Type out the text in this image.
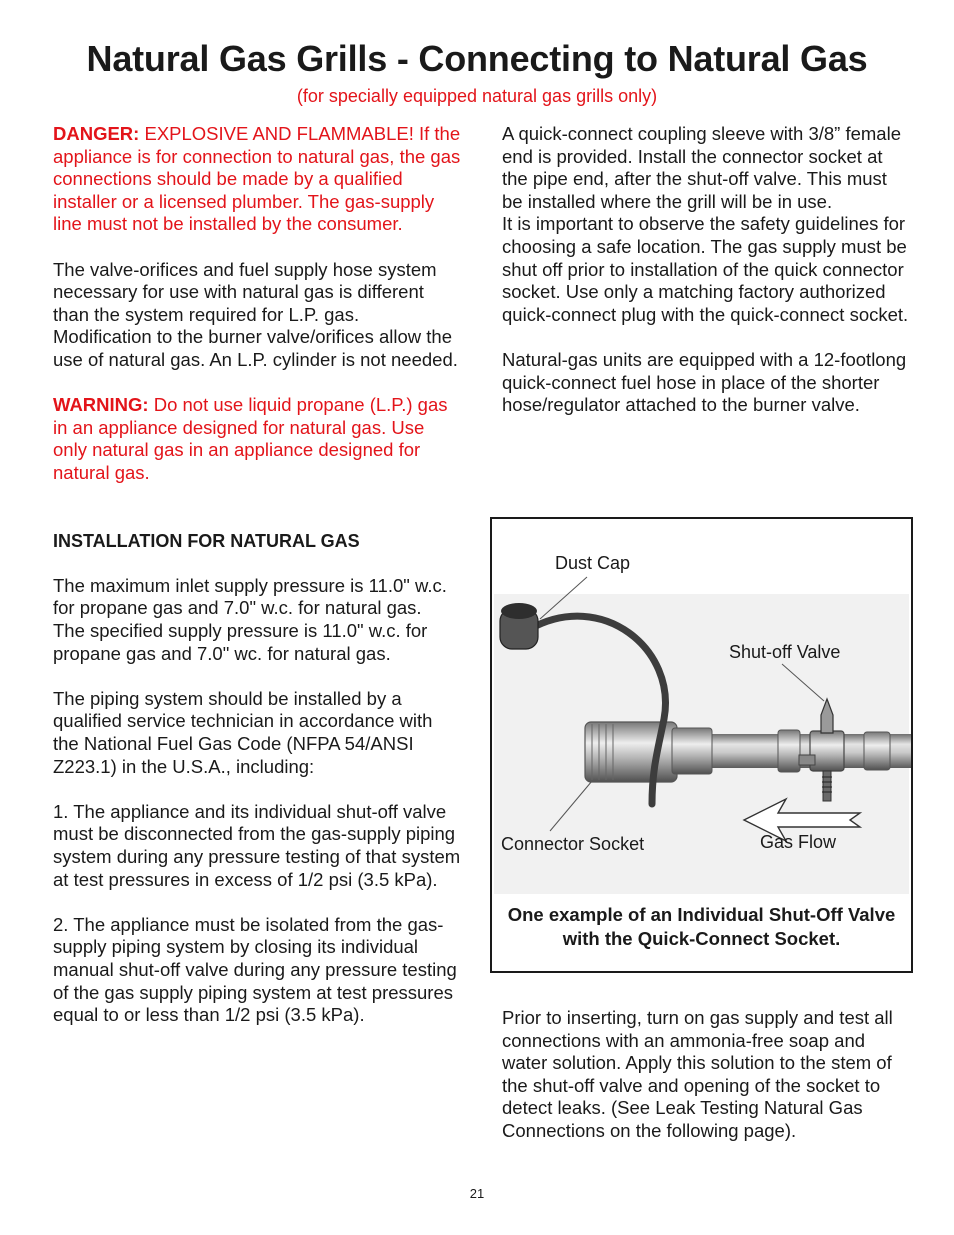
Natural Gas Grills - Connecting to Natural Gas
(for specially equipped natural gas grills only)

DANGER: EXPLOSIVE AND FLAMMABLE! If the appliance is for connection to natural gas, the gas connections should be made by a qualified installer or a licensed plumber. The gas-supply line must not be installed by the consumer.

The valve-orifices and fuel supply hose system necessary for use with natural gas is different than the system required for L.P. gas. Modification to the burner valve/orifices allow the use of natural gas. An L.P. cylinder is not needed.

WARNING: Do not use liquid propane (L.P.) gas in an appliance designed for natural gas. Use only natural gas in an appliance designed for natural gas.

INSTALLATION FOR NATURAL GAS

The maximum inlet supply pressure is 11.0" w.c. for propane gas and 7.0" w.c. for natural gas.

The specified supply pressure is 11.0" w.c. for propane gas and 7.0" wc. for natural gas.

The piping system should be installed by a qualified service technician in accordance with the National Fuel Gas Code (NFPA 54/ANSI Z223.1) in the U.S.A., including:

1. The appliance and its individual shut-off valve must be disconnected from the gas-supply piping system during any pressure testing of that system at test pressures in excess of 1/2 psi (3.5 kPa).

2. The appliance must be isolated from the gas-supply piping system by closing its individual manual shut-off valve during any pressure testing of the gas supply piping system at test pressures equal to or less than 1/2 psi (3.5 kPa).

A quick-connect coupling sleeve with 3/8” female end is provided. Install the connector socket at the pipe end, after the shut-off valve. This must be installed where the grill will be in use.

It is important to observe the safety guidelines for choosing a safe location. The gas supply must be shut off prior to installation of the quick connector socket. Use only a matching factory authorized quick-connect plug with the quick-connect socket.

Natural-gas units are equipped with a 12-footlong quick-connect fuel hose in place of the shorter hose/regulator attached to the burner valve.

Dust Cap
Shut-off Valve
Connector Socket	Gas Flow
One example of an Individual Shut-Off Valve with the Quick-Connect Socket.

Prior to inserting, turn on gas supply and test all connections with an ammonia-free soap and water solution. Apply this solution to the stem of the shut-off valve and opening of the socket to detect leaks. (See Leak Testing Natural Gas Connections on the following page).

21
